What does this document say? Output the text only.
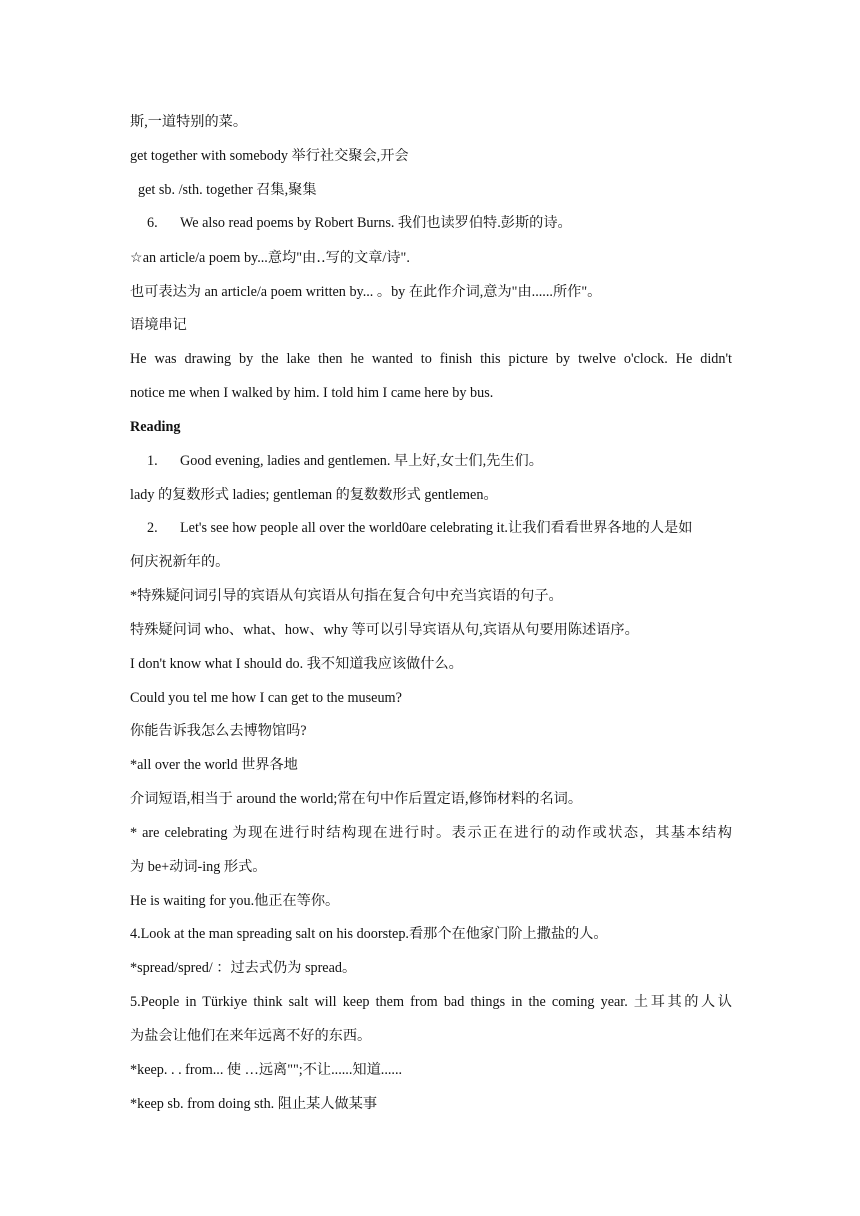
斯,一道特别的菜。
get together with somebody 举行社交聚会,开会
get sb. /sth. together 召集,聚集
6. We also read poems by Robert Burns. 我们也读罗伯特.彭斯的诗。
☆an article/a poem by...意均"由‥写的文章/诗".
也可表达为 an article/a poem written by... 。by 在此作介词,意为"由......所作"。
语境串记
He was drawing by the lake then he wanted to finish this picture by twelve o'clock. He didn't
notice me when I walked by him. I told him I came here by bus.
Reading
1. Good evening, ladies and gentlemen. 早上好,女士们,先生们。
lady 的复数形式 ladies; gentleman 的复数数形式 gentlemen。
2. Let's see how people all over the world0are celebrating it.让我们看看世界各地的人是如
何庆祝新年的。
*特殊疑问词引导的宾语从句宾语从句指在复合句中充当宾语的句子。
特殊疑问词 who、what、how、why 等可以引导宾语从句,宾语从句要用陈述语序。
I don't know what I should do. 我不知道我应该做什么。
Could you tel me how I can get to the museum?
你能告诉我怎么去博物馆吗?
*all over the world 世界各地
介词短语,相当于 around the world;常在句中作后置定语,修饰材料的名词。
* are celebrating 为现在进行时结构现在进行时。表示正在进行的动作或状态，其基本结构
为 be+动词-ing 形式。
He is waiting for you.他正在等你。
4.Look at the man spreading salt on his doorstep.看那个在他家门阶上撒盐的人。
*spread/spred/ ：过去式仍为 spread。
5.People in Türkiye think salt will keep them from bad things in the coming year. 土耳其的人认
为盐会让他们在来年远离不好的东西。
*keep. . . from... 使 …远离"";不让......知道......
*keep sb. from doing sth. 阻止某人做某事
